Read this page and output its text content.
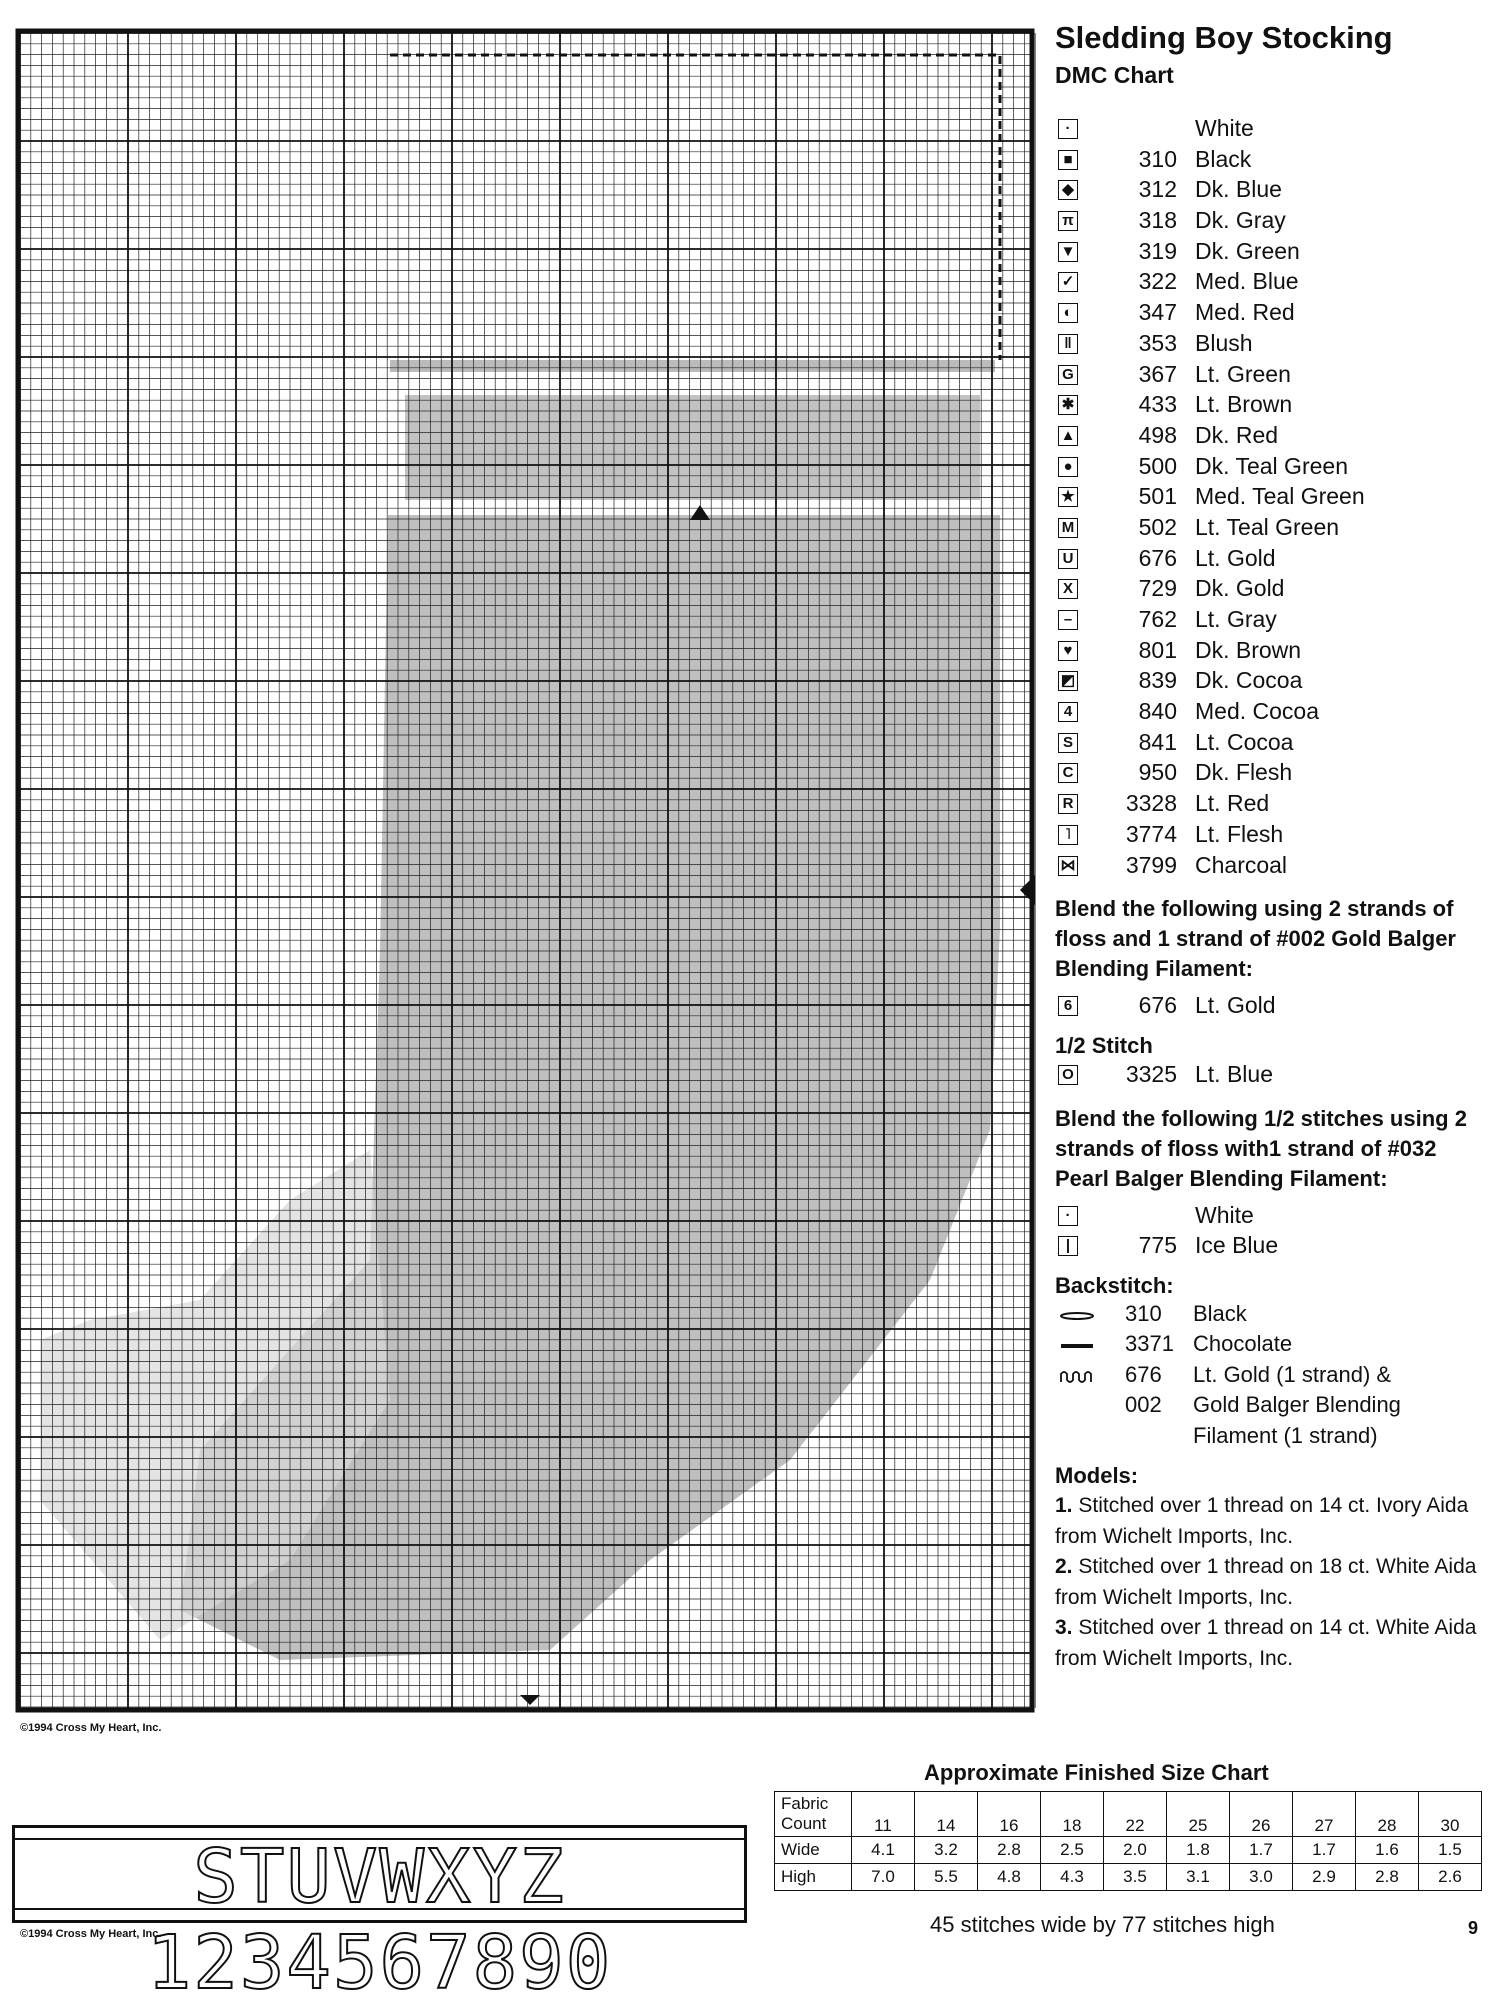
©1994 Cross My Heart, Inc.
Sledding Boy Stocking
DMC Chart
·	White
■	310 Black
◆	312 Dk. Blue
π	318 Dk. Gray
▼	319 Dk. Green
✓	322 Med. Blue
◐	347 Med. Red
‖	353 Blush
G	367 Lt. Green
✱	433 Lt. Brown
▲	498 Dk. Red
●	500 Dk. Teal Green
★	501 Med. Teal Green
M	502 Lt. Teal Green
U	676 Lt. Gold
X	729 Dk. Gold
–	762 Lt. Gray
♥	801 Dk. Brown
◩	839 Dk. Cocoa
4	840 Med. Cocoa
S	841 Lt. Cocoa
C	950 Dk. Flesh
R	3328 Lt. Red
˥	3774 Lt. Flesh
⋈	3799 Charcoal
Blend the following using 2 strands of floss and 1 strand of #002 Gold Balger Blending Filament:
6	676 Lt. Gold
1/2 Stitch
O	3325 Lt. Blue
Blend the following 1/2 stitches using 2 strands of floss with1 strand of #032 Pearl Balger Blending Filament:
·	White
|	775 Ice Blue
Backstitch:
310	Black
3371 Chocolate
676	Lt. Gold (1 strand) &
002	Gold Balger Blending
Filament (1 strand)
Models:
1. Stitched over 1 thread on 14 ct. Ivory Aida from Wichelt Imports, Inc.
2. Stitched over 1 thread on 18 ct. White Aida from Wichelt Imports, Inc.
3. Stitched over 1 thread on 14 ct. White Aida from Wichelt Imports, Inc.
STUVWXYZ 1234567890
©1994 Cross My Heart, Inc.
Approximate Finished Size Chart
Fabric Count	11	14	16	18	22	25	26	27	28	30
Wide	4.1	3.2	2.8	2.5	2.0	1.8	1.7	1.7	1.6	1.5
High	7.0	5.5	4.8	4.3	3.5	3.1	3.0	2.9	2.8	2.6
45 stitches wide by 77 stitches high	9
